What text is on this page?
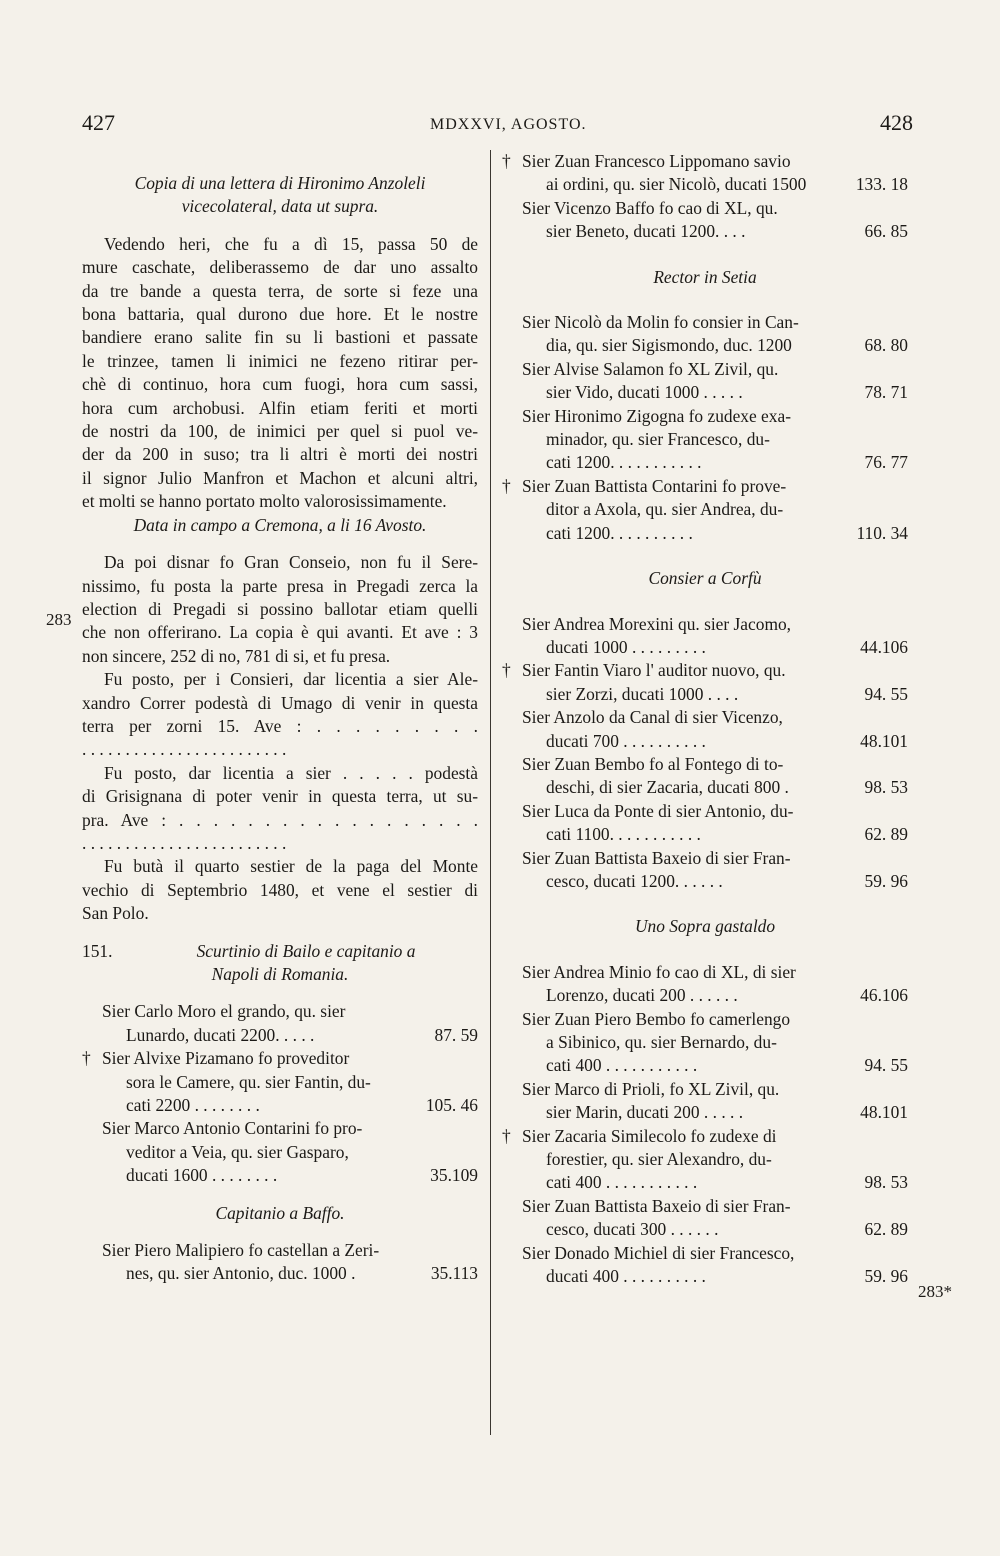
427	MDXXVI, AGOSTO.	428
283
283*
Copia di una lettera di Hironimo Anzoleli
vicecolateral, data ut supra.
Vedendo heri, che fu a dì 15, passa 50 de
mure caschate, deliberassemo de dar uno assalto
da tre bande a questa terra, de sorte si feze una
bona battaria, qual durono due hore. Et le nostre
bandiere erano salite fin su li bastioni et passate
le trinzee, tamen li inimici ne fezeno ritirar per-
chè di continuo, hora cum fuogi, hora cum sassi,
hora cum archobusi. Alfin etiam feriti et morti
de nostri da 100, de inimici per quel si puol ve-
der da 200 in suso; tra li altri è morti dei nostri
il signor Julio Manfron et Machon et alcuni altri,
et molti se hanno portato molto valorosissimamente.
Data in campo a Cremona, a li 16 Avosto.
Da poi disnar fo Gran Conseio, non fu il Sere-
nissimo, fu posta la parte presa in Pregadi zerca la
election di Pregadi si possino ballotar etiam quelli
che non offerirano. La copia è qui avanti. Et ave : 3
non sincere, 252 di no, 781 di si, et fu presa.
Fu posto, per i Consieri, dar licentia a sier Ale-
xandro Correr podestà di Umago di venir in questa
terra per zorni 15. Ave : . . . . . . . . .
. . . . . . . . . . . . . . . . . . . . . . . .
Fu posto, dar licentia a sier . . . . . podestà
di Grisignana di poter venir in questa terra, ut su-
pra. Ave : . . . . . . . . . . . . . . . . . .
. . . . . . . . . . . . . . . . . . . . . . . .
Fu butà il quarto sestier de la paga del Monte
vechio di Septembrio 1480, et vene el sestier di
San Polo.
151.	Scurtinio di Bailo e capitanio a
Napoli di Romania.
Sier Carlo Moro el grando, qu. sier
Lunardo, ducati 2200. . . . .	87. 59
† Sier Alvixe Pizamano fo proveditor
sora le Camere, qu. sier Fantin, du-
cati 2200 . . . . . . . .	105. 46
Sier Marco Antonio Contarini fo pro-
veditor a Veia, qu. sier Gasparo,
ducati 1600 . . . . . . . .	35.109
Capitanio a Baffo.
Sier Piero Malipiero fo castellan a Zeri-
nes, qu. sier Antonio, duc. 1000 .	35.113
† Sier Zuan Francesco Lippomano savio
ai ordini, qu. sier Nicolò, ducati 1500	133. 18
Sier Vicenzo Baffo fo cao di XL, qu.
sier Beneto, ducati 1200. . . .	66. 85
Rector in Setia
Sier Nicolò da Molin fo consier in Can-
dia, qu. sier Sigismondo, duc. 1200	68. 80
Sier Alvise Salamon fo XL Zivil, qu.
sier Vido, ducati 1000 . . . . .	78. 71
Sier Hironimo Zigogna fo zudexe exa-
minador, qu. sier Francesco, du-
cati 1200. . . . . . . . . . .	76. 77
† Sier Zuan Battista Contarini fo prove-
ditor a Axola, qu. sier Andrea, du-
cati 1200. . . . . . . . . .	110. 34
Consier a Corfù
Sier Andrea Morexini qu. sier Jacomo,
ducati 1000 . . . . . . . . .	44.106
† Sier Fantin Viaro l' auditor nuovo, qu.
sier Zorzi, ducati 1000 . . . .	94. 55
Sier Anzolo da Canal di sier Vicenzo,
ducati 700 . . . . . . . . . .	48.101
Sier Zuan Bembo fo al Fontego di to-
deschi, di sier Zacaria, ducati 800 .	98. 53
Sier Luca da Ponte di sier Antonio, du-
cati 1100. . . . . . . . . . .	62. 89
Sier Zuan Battista Baxeio di sier Fran-
cesco, ducati 1200. . . . . .	59. 96
Uno Sopra gastaldo
Sier Andrea Minio fo cao di XL, di sier
Lorenzo, ducati 200 . . . . . .	46.106
Sier Zuan Piero Bembo fo camerlengo
a Sibinico, qu. sier Bernardo, du-
cati 400 . . . . . . . . . . .	94. 55
Sier Marco di Prioli, fo XL Zivil, qu.
sier Marin, ducati 200 . . . . .	48.101
† Sier Zacaria Similecolo fo zudexe di
forestier, qu. sier Alexandro, du-
cati 400 . . . . . . . . . . .	98. 53
Sier Zuan Battista Baxeio di sier Fran-
cesco, ducati 300 . . . . . .	62. 89
Sier Donado Michiel di sier Francesco,
ducati 400 . . . . . . . . . .	59. 96
